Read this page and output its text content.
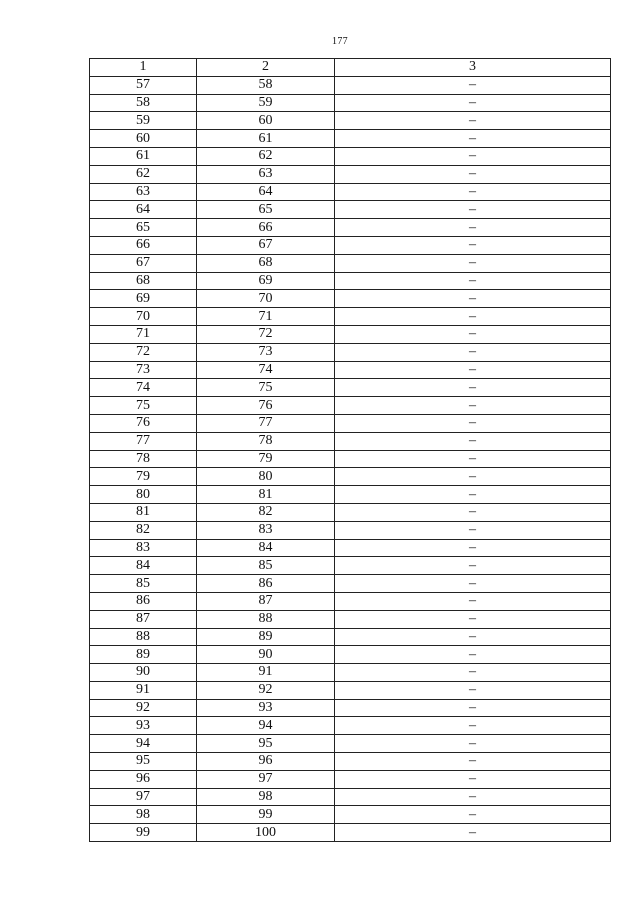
177
1	2	3
57	58	–
58	59	–
59	60	–
60	61	–
61	62	–
62	63	–
63	64	–
64	65	–
65	66	–
66	67	–
67	68	–
68	69	–
69	70	–
70	71	–
71	72	–
72	73	–
73	74	–
74	75	–
75	76	–
76	77	–
77	78	–
78	79	–
79	80	–
80	81	–
81	82	–
82	83	–
83	84	–
84	85	–
85	86	–
86	87	–
87	88	–
88	89	–
89	90	–
90	91	–
91	92	–
92	93	–
93	94	–
94	95	–
95	96	–
96	97	–
97	98	–
98	99	–
99	100	–
